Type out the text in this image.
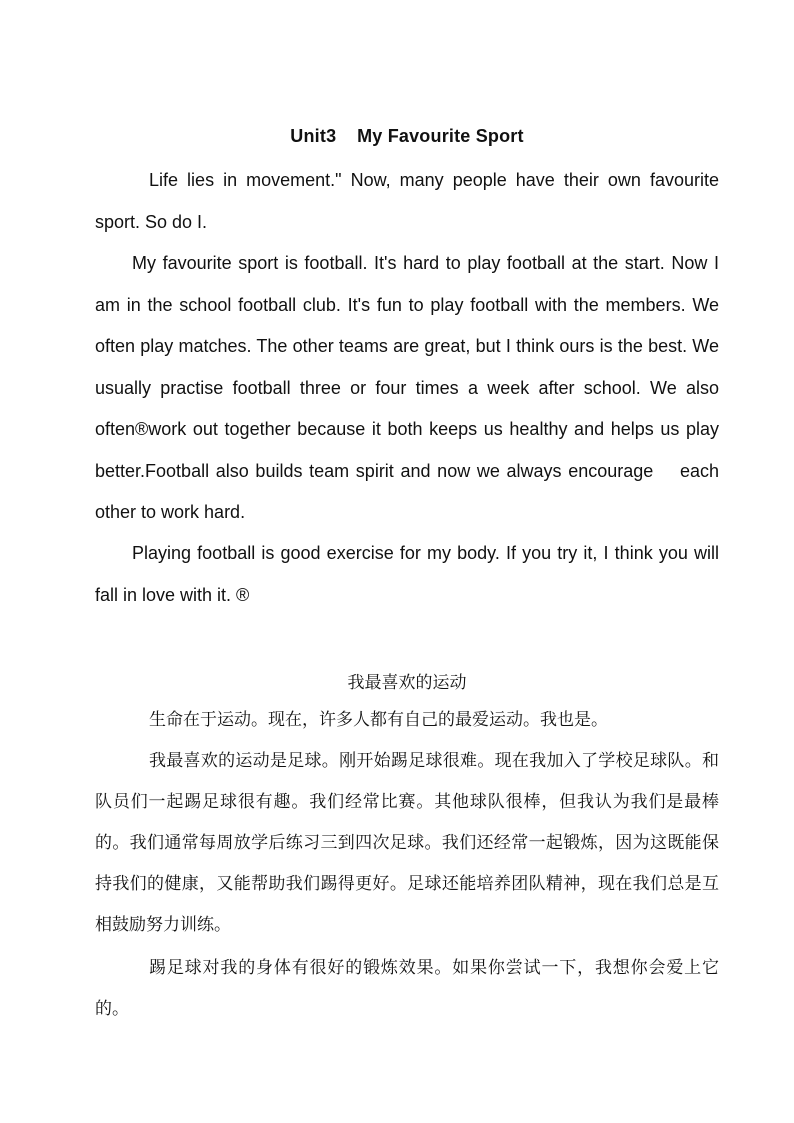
Unit3    My Favourite Sport

Life lies in movement." Now, many people have their own favourite sport. So do I.

My favourite sport is football. It's hard to play football at the start. Now I am in the school football club. It's fun to play football with the members. We often play matches. The other teams are great, but I think ours is the best. We usually practise football three or four times a week after school. We also often®work out together because it both keeps us healthy and helps us play better.Football also builds team spirit and now we always encourage    each other to work hard.

Playing football is good exercise for my body. If you try it, I think you will fall in love with it. ®

我最喜欢的运动

生命在于运动。现在，许多人都有自己的最爱运动。我也是。

我最喜欢的运动是足球。刚开始踢足球很难。现在我加入了学校足球队。和队员们一起踢足球很有趣。我们经常比赛。其他球队很棒，但我认为我们是最棒的。我们通常每周放学后练习三到四次足球。我们还经常一起锻炼，因为这既能保持我们的健康，又能帮助我们踢得更好。足球还能培养团队精神，现在我们总是互相鼓励努力训练。

踢足球对我的身体有很好的锻炼效果。如果你尝试一下，我想你会爱上它的。
